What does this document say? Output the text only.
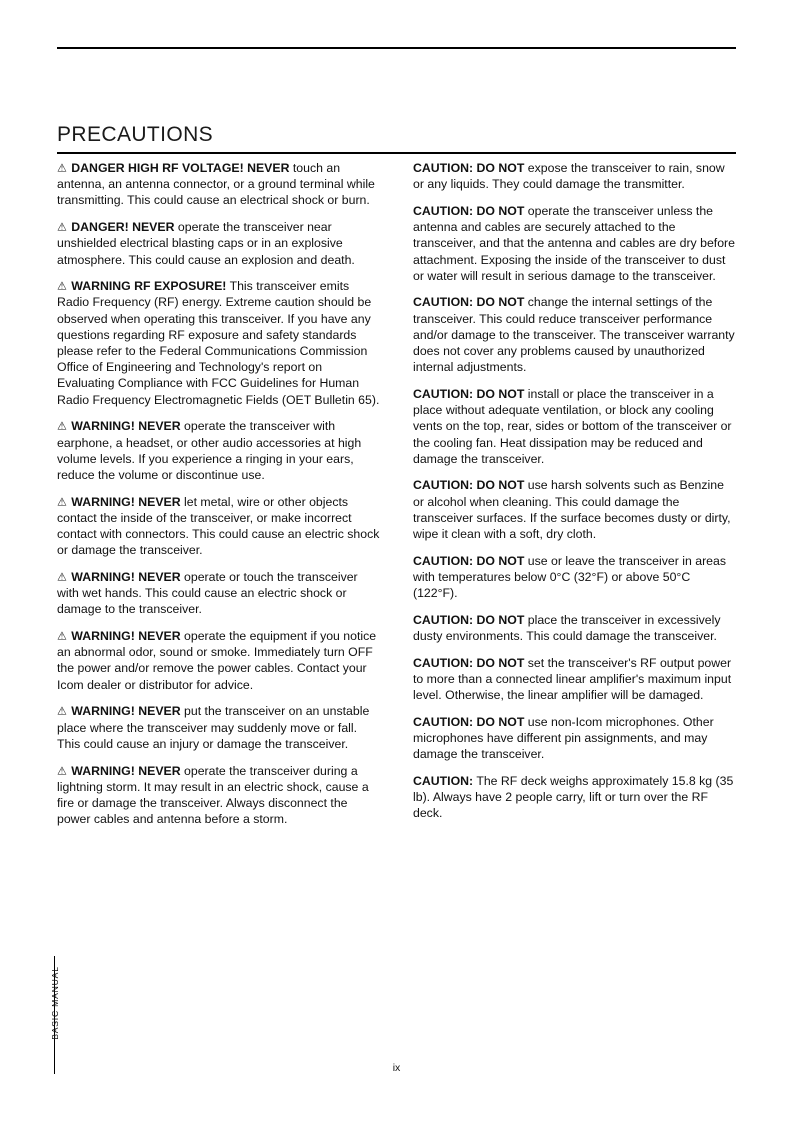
PRECAUTIONS
⚠ DANGER HIGH RF VOLTAGE! NEVER touch an antenna, an antenna connector, or a ground terminal while transmitting. This could cause an electrical shock or burn.
⚠ DANGER! NEVER operate the transceiver near unshielded electrical blasting caps or in an explosive atmosphere. This could cause an explosion and death.
⚠ WARNING RF EXPOSURE! This transceiver emits Radio Frequency (RF) energy. Extreme caution should be observed when operating this transceiver. If you have any questions regarding RF exposure and safety standards please refer to the Federal Communications Commission Office of Engineering and Technology's report on Evaluating Compliance with FCC Guidelines for Human Radio Frequency Electromagnetic Fields (OET Bulletin 65).
⚠ WARNING! NEVER operate the transceiver with earphone, a headset, or other audio accessories at high volume levels. If you experience a ringing in your ears, reduce the volume or discontinue use.
⚠ WARNING! NEVER let metal, wire or other objects contact the inside of the transceiver, or make incorrect contact with connectors. This could cause an electric shock or damage the transceiver.
⚠ WARNING! NEVER operate or touch the transceiver with wet hands. This could cause an electric shock or damage to the transceiver.
⚠ WARNING! NEVER operate the equipment if you notice an abnormal odor, sound or smoke. Immediately turn OFF the power and/or remove the power cables. Contact your Icom dealer or distributor for advice.
⚠ WARNING! NEVER put the transceiver on an unstable place where the transceiver may suddenly move or fall. This could cause an injury or damage the transceiver.
⚠ WARNING! NEVER operate the transceiver during a lightning storm. It may result in an electric shock, cause a fire or damage the transceiver. Always disconnect the power cables and antenna before a storm.
CAUTION: DO NOT expose the transceiver to rain, snow or any liquids. They could damage the transmitter.
CAUTION: DO NOT operate the transceiver unless the antenna and cables are securely attached to the transceiver, and that the antenna and cables are dry before attachment. Exposing the inside of the transceiver to dust or water will result in serious damage to the transceiver.
CAUTION: DO NOT change the internal settings of the transceiver. This could reduce transceiver performance and/or damage to the transceiver. The transceiver warranty does not cover any problems caused by unauthorized internal adjustments.
CAUTION: DO NOT install or place the transceiver in a place without adequate ventilation, or block any cooling vents on the top, rear, sides or bottom of the transceiver or the cooling fan. Heat dissipation may be reduced and damage the transceiver.
CAUTION: DO NOT use harsh solvents such as Benzine or alcohol when cleaning. This could damage the transceiver surfaces. If the surface becomes dusty or dirty, wipe it clean with a soft, dry cloth.
CAUTION: DO NOT use or leave the transceiver in areas with temperatures below 0°C (32°F) or above 50°C (122°F).
CAUTION: DO NOT place the transceiver in excessively dusty environments. This could damage the transceiver.
CAUTION: DO NOT set the transceiver's RF output power to more than a connected linear amplifier's maximum input level. Otherwise, the linear amplifier will be damaged.
CAUTION: DO NOT use non-Icom microphones. Other microphones have different pin assignments, and may damage the transceiver.
CAUTION: The RF deck weighs approximately 15.8 kg (35 lb). Always have 2 people carry, lift or turn over the RF deck.
BASIC MANUAL
ix
